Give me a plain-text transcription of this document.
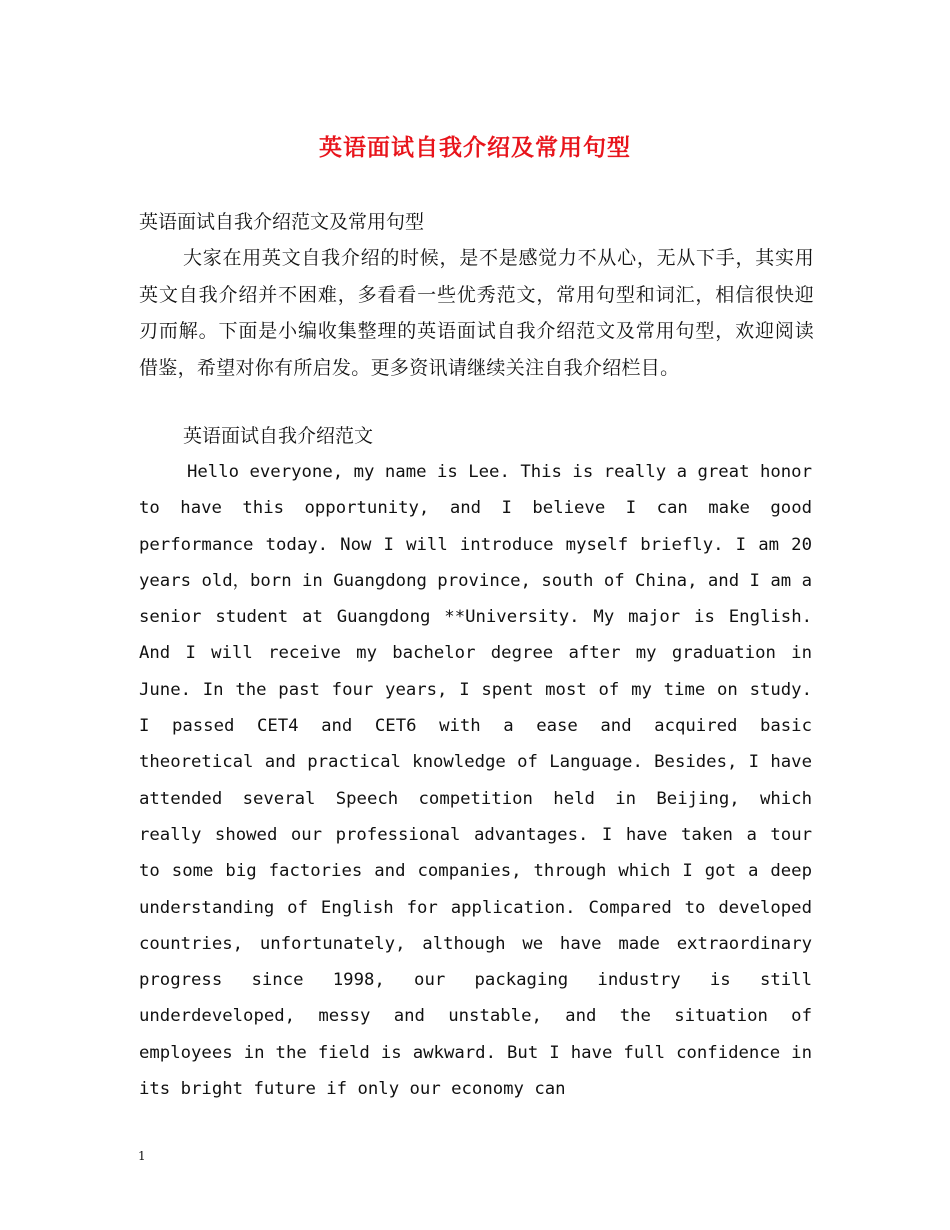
英语面试自我介绍及常用句型

英语面试自我介绍范文及常用句型

大家在用英文自我介绍的时候，是不是感觉力不从心，无从下手，其实用英文自我介绍并不困难，多看看一些优秀范文，常用句型和词汇，相信很快迎刃而解。下面是小编收集整理的英语面试自我介绍范文及常用句型，欢迎阅读借鉴，希望对你有所启发。更多资讯请继续关注自我介绍栏目。

英语面试自我介绍范文

Hello everyone, my name is Lee. This is really a great honor to have this opportunity, and I believe I can make good performance today. Now I will introduce myself briefly. I am 20 years old，born in Guangdong province, south of China, and I am a senior student at Guangdong **University. My major is English. And I will receive my bachelor degree after my graduation in June. In the past four years, I spent most of my time on study. I passed CET4 and CET6 with a ease and acquired basic theoretical and practical knowledge of Language. Besides, I have attended several Speech competition held in Beijing, which really showed our professional advantages. I have taken a tour to some big factories and companies, through which I got a deep understanding of English for application. Compared to developed countries, unfortunately, although we have made extraordinary progress since 1998, our packaging industry is still underdeveloped, messy and unstable, and the situation of employees in the field is awkward. But I have full confidence in its bright future if only our economy can

1
